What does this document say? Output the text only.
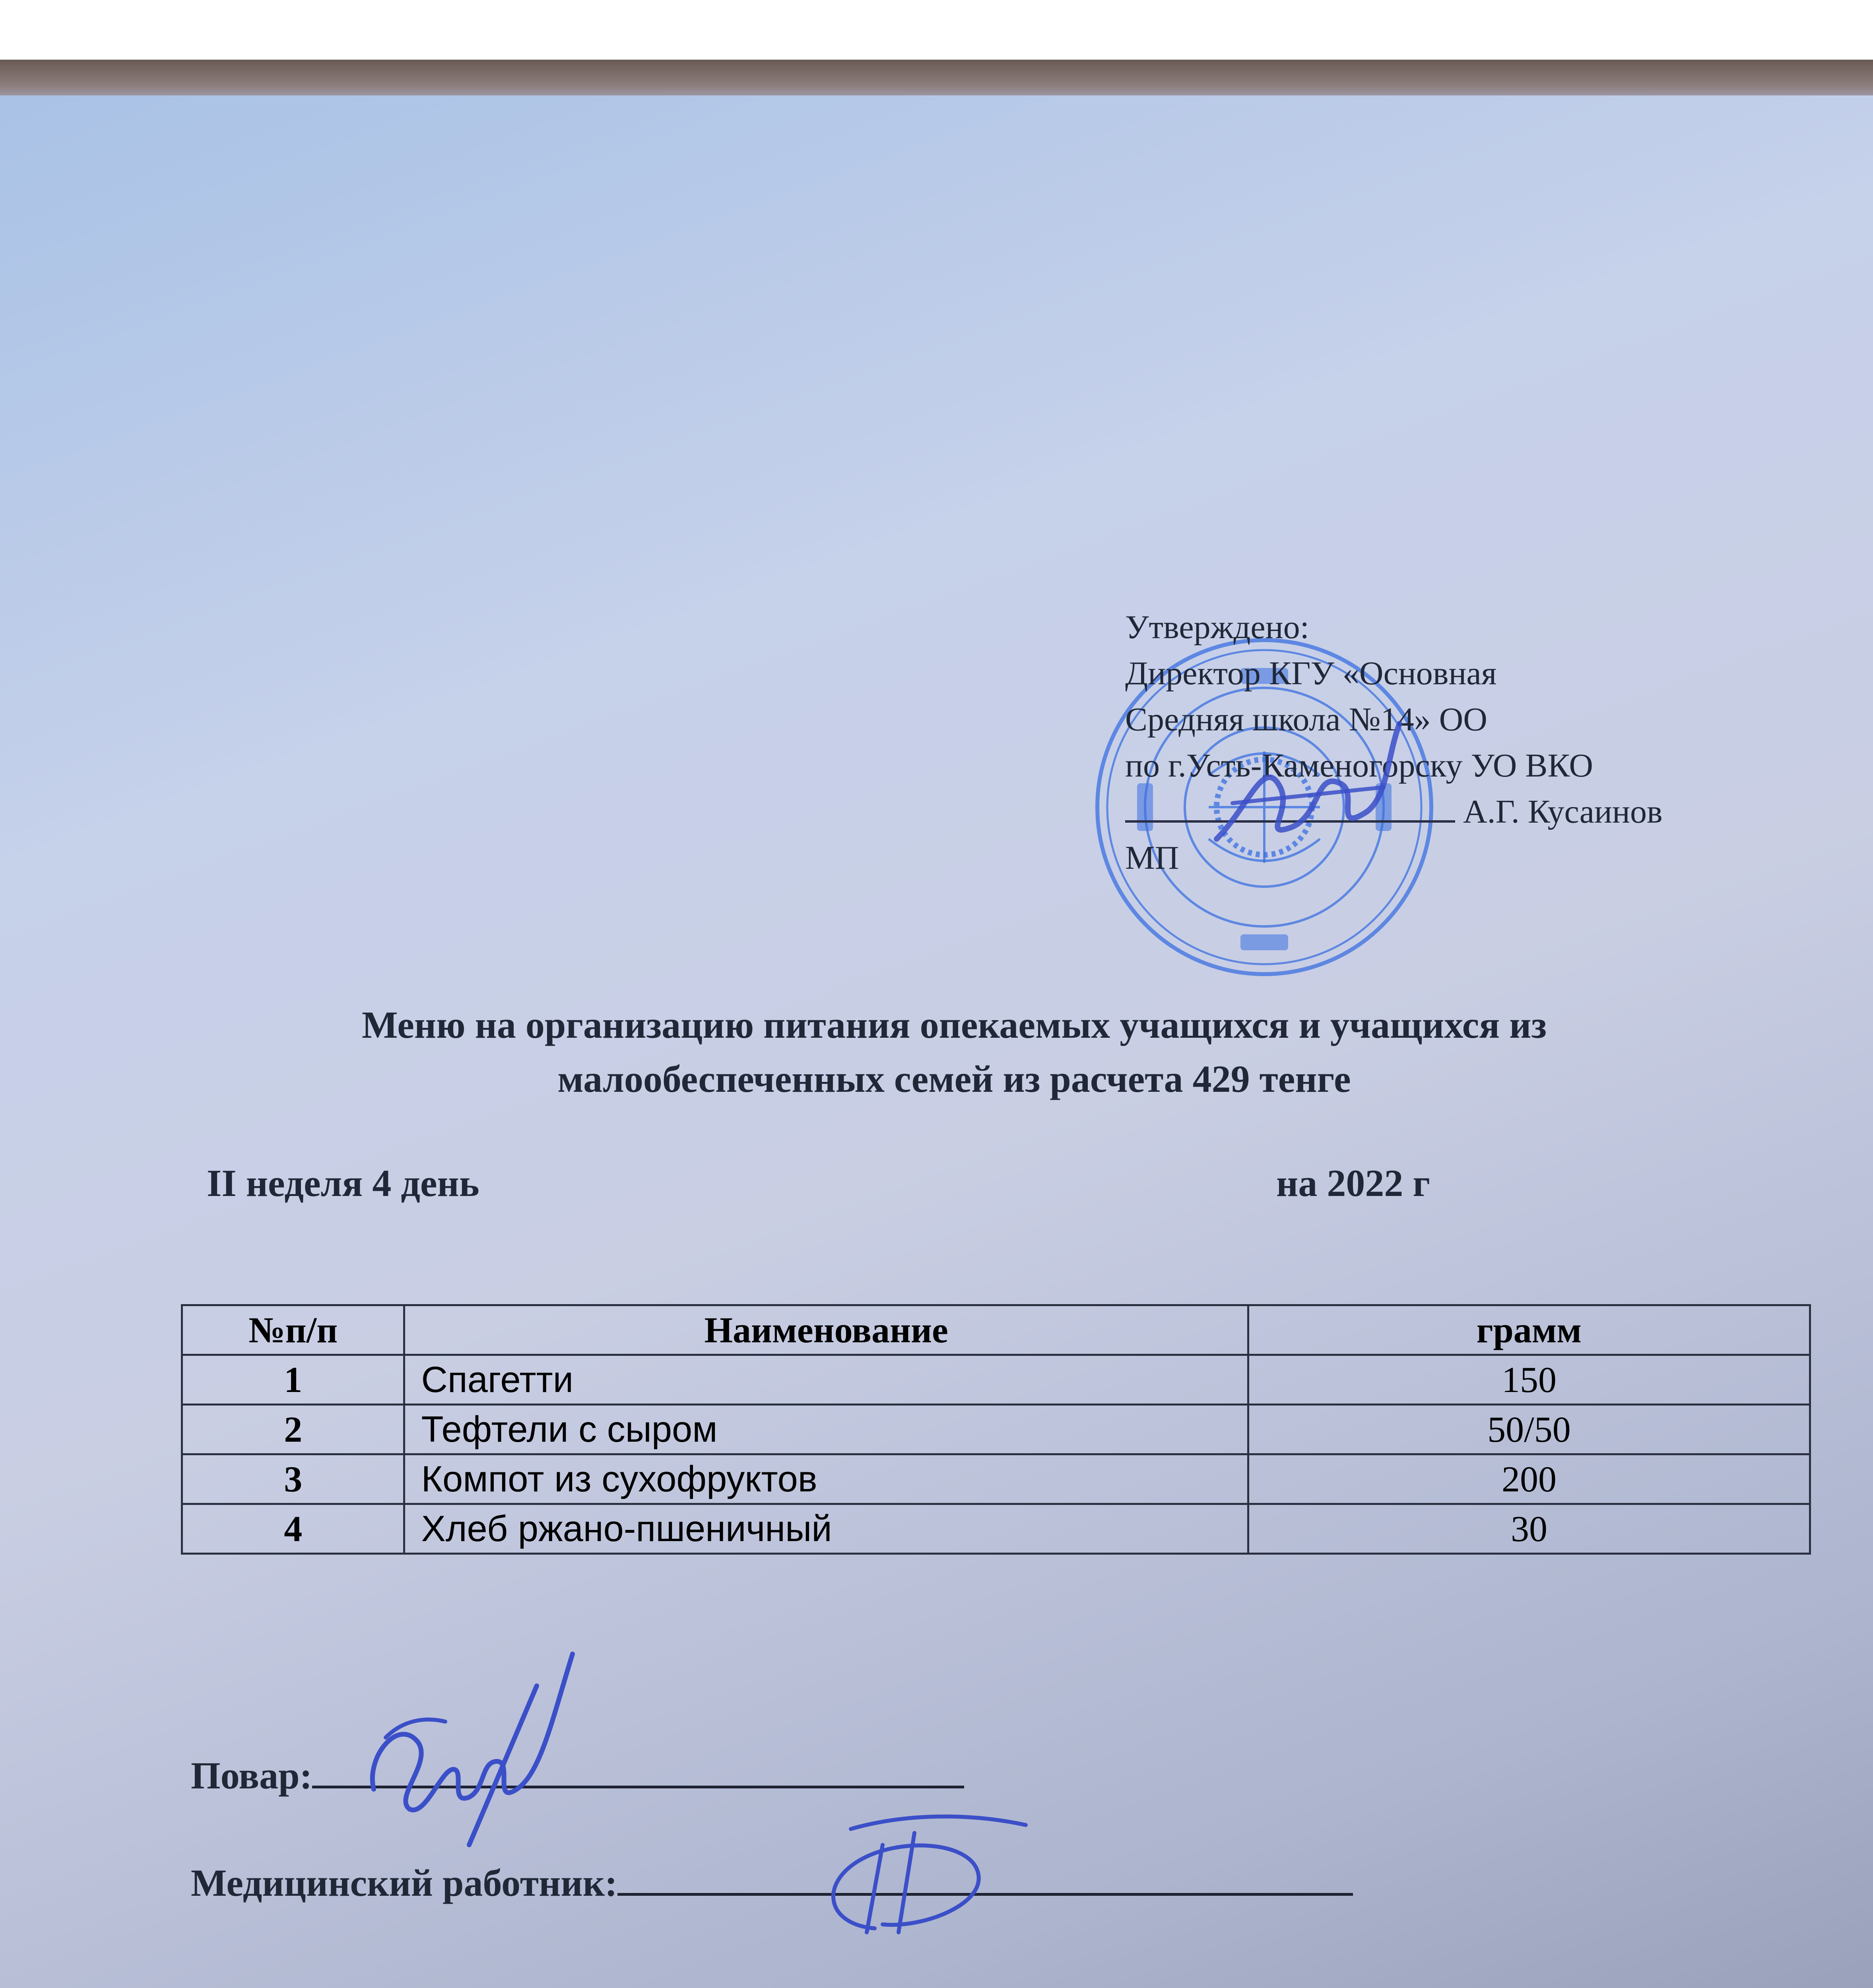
Утверждено:
Директор КГУ «Основная
Средняя школа №14» ОО
по г.Усть-Каменогорску УО ВКО
А.Г. Кусаинов
МП
Меню на организацию питания опекаемых учащихся и учащихся из
малообеспеченных семей из расчета 429 тенге
II неделя 4 день	на 2022 г
№п/п	Наименование	грамм
1	Спагетти	150
2	Тефтели с сыром	50/50
3	Компот из сухофруктов	200
4	Хлеб ржано-пшеничный	30
Повар:
Медицинский работник:
